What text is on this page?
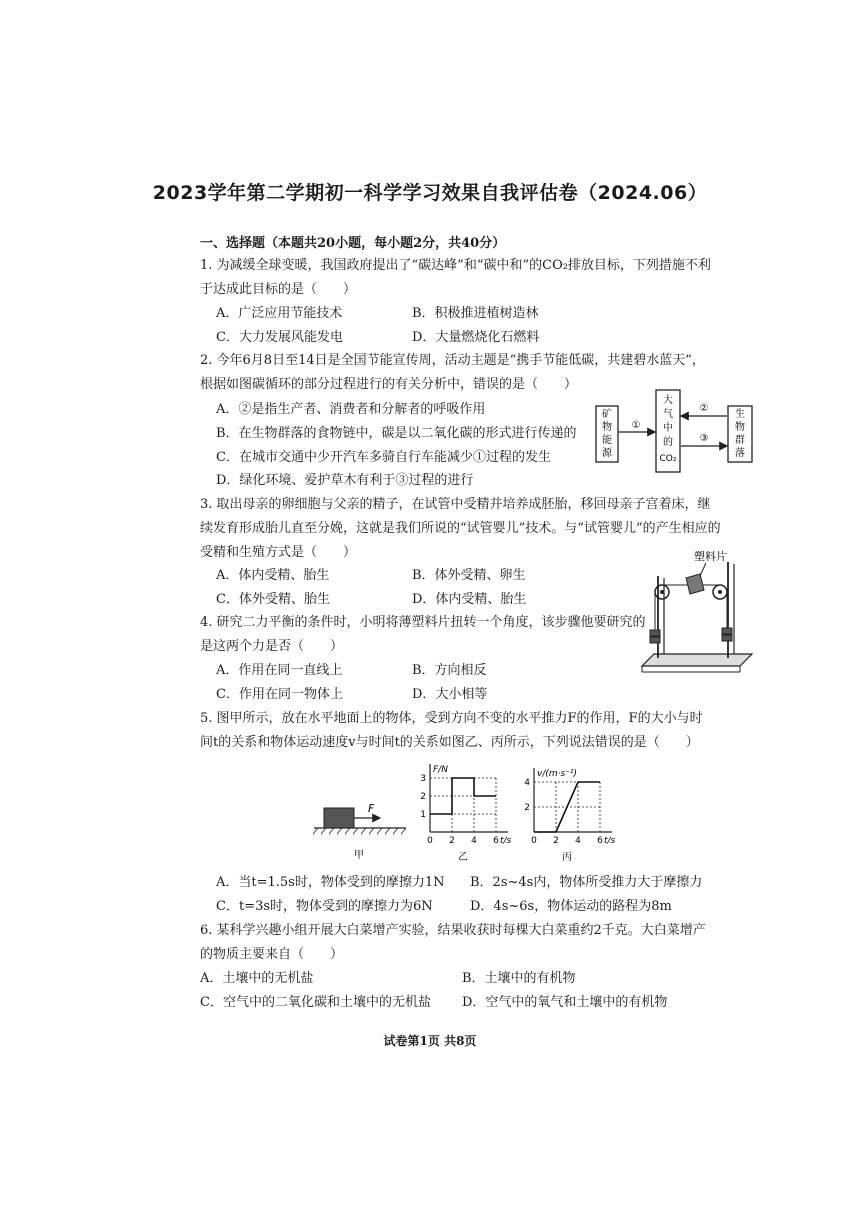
2023学年第二学期初一科学学习效果自我评估卷（2024.06）
一、选择题（本题共20小题，每小题2分，共40分）
1. 为减缓全球变暖，我国政府提出了“碳达峰”和“碳中和”的CO₂排放目标，下列措施不利
于达成此目标的是（　　）
A．广泛应用节能技术	B．积极推进植树造林
C．大力发展风能发电	D．大量燃烧化石燃料
2. 今年6月8日至14日是全国节能宣传周，活动主题是“携手节能低碳，共建碧水蓝天”，
根据如图碳循环的部分过程进行的有关分析中，错误的是（　　）
A．②是指生产者、消费者和分解者的呼吸作用
B．在生物群落的食物链中，碳是以二氧化碳的形式进行传递的
C．在城市交通中少开汽车多骑自行车能减少①过程的发生
D．绿化环境、爱护草木有利于③过程的进行
矿
物
能
源
大
气
中
的
CO₂
生
物
群
落
①
②
③
3. 取出母亲的卵细胞与父亲的精子，在试管中受精并培养成胚胎，移回母亲子宫着床，继
续发育形成胎儿直至分娩，这就是我们所说的“试管婴儿”技术。与“试管婴儿”的产生相应的
受精和生殖方式是（　　）
A．体内受精、胎生	B．体外受精、卵生
C．体外受精、胎生	D．体内受精、胎生
4. 研究二力平衡的条件时，小明将薄塑料片扭转一个角度，该步骤他要研究的
是这两个力是否（　　）
A．作用在同一直线上	B．方向相反
C．作用在同一物体上	D．大小相等
塑料片
5. 图甲所示，放在水平地面上的物体，受到方向不变的水平推力F的作用，F的大小与时
间t的关系和物体运动速度v与时间t的关系如图乙、丙所示，下列说法错误的是（　　）
F
甲
F/N
t/s
0 2 4 6
1
2
3
乙
v/(m·s⁻¹)
t/s
0 2 4 6
2
4
丙
A．当t=1.5s时，物体受到的摩擦力1N B．2s~4s内，物体所受推力大于摩擦力
C．t=3s时，物体受到的摩擦力为6N	D．4s~6s，物体运动的路程为8m
6. 某科学兴趣小组开展大白菜增产实验，结果收获时每棵大白菜重约2千克。大白菜增产
的物质主要来自（　　）
A．土壤中的无机盐	B．土壤中的有机物
C．空气中的二氧化碳和土壤中的无机盐 D．空气中的氧气和土壤中的有机物
试卷第1页 共8页
